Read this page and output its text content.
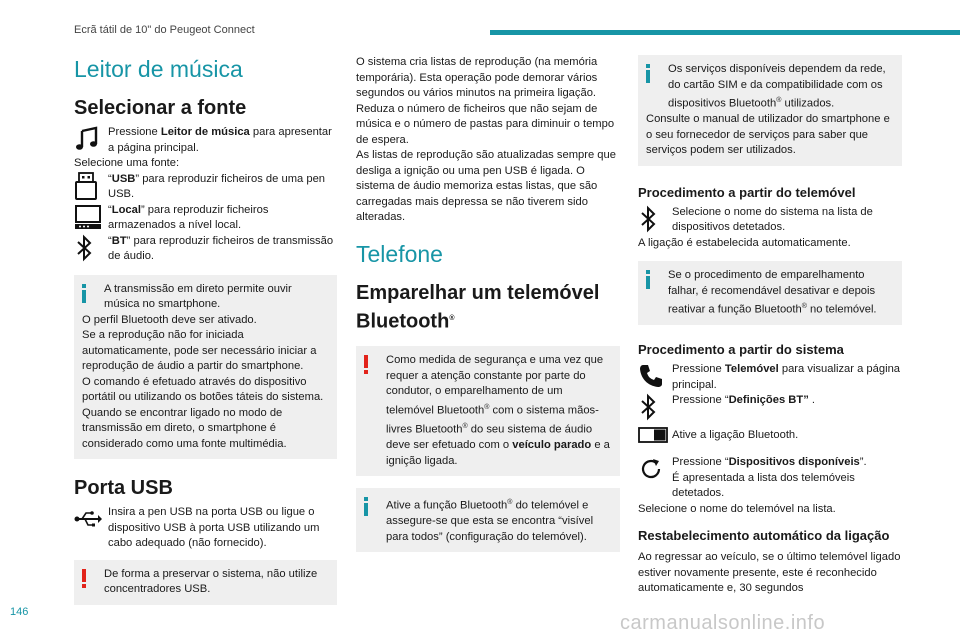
Ecrã tátil de 10" do Peugeot Connect
Leitor de música
Selecionar a fonte
Pressione Leitor de música para apresentar a página principal.

Selecione uma fonte:

“USB” para reproduzir ficheiros de uma pen USB.
“Local” para reproduzir ficheiros armazenados a nível local.
“BT” para reproduzir ficheiros de transmissão de áudio.

A transmissão em direto permite ouvir música no smartphone.

O perfil Bluetooth deve ser ativado.

Se a reprodução não for iniciada automaticamente, pode ser necessário iniciar a reprodução de áudio a partir do smartphone.

O comando é efetuado através do dispositivo portátil ou utilizando os botões táteis do sistema.

Quando se encontrar ligado no modo de transmissão em direto, o smartphone é considerado como uma fonte multimédia.

Porta USB
Insira a pen USB na porta USB ou ligue o dispositivo USB à porta USB utilizando um cabo adequado (não fornecido).

De forma a preservar o sistema, não utilize concentradores USB.

O sistema cria listas de reprodução (na memória temporária). Esta operação pode demorar vários segundos ou vários minutos na primeira ligação.

Reduza o número de ficheiros que não sejam de música e o número de pastas para diminuir o tempo de espera.

As listas de reprodução são atualizadas sempre que desliga a ignição ou uma pen USB é ligada. O sistema de áudio memoriza estas listas, que são carregadas mais depressa se não tiverem sido alteradas.

Telefone
Emparelhar um telemóvel Bluetooth®

Como medida de segurança e uma vez que requer a atenção constante por parte do condutor, o emparelhamento de um telemóvel Bluetooth® com o sistema mãos-livres Bluetooth® do seu sistema de áudio deve ser efetuado com o veículo parado e a ignição ligada.

Ative a função Bluetooth® do telemóvel e assegure-se que esta se encontra “visível para todos” (configuração do telemóvel).

Os serviços disponíveis dependem da rede, do cartão SIM e da compatibilidade com os dispositivos Bluetooth® utilizados.

Consulte o manual de utilizador do smartphone e o seu fornecedor de serviços para saber que serviços podem ser utilizados.

Procedimento a partir do telemóvel
Selecione o nome do sistema na lista de dispositivos detetados.

A ligação é estabelecida automaticamente.

Se o procedimento de emparelhamento falhar, é recomendável desativar e depois reativar a função Bluetooth® no telemóvel.

Procedimento a partir do sistema
Pressione Telemóvel para visualizar a página principal.
Pressione “Definições BT” .
Ative a ligação Bluetooth.
Pressione “Dispositivos disponíveis”.
É apresentada a lista dos telemóveis detetados.

Selecione o nome do telemóvel na lista.

Restabelecimento automático da ligação

Ao regressar ao veículo, se o último telemóvel ligado estiver novamente presente, este é reconhecido automaticamente e, 30 segundos

146	carmanualsonline.info
